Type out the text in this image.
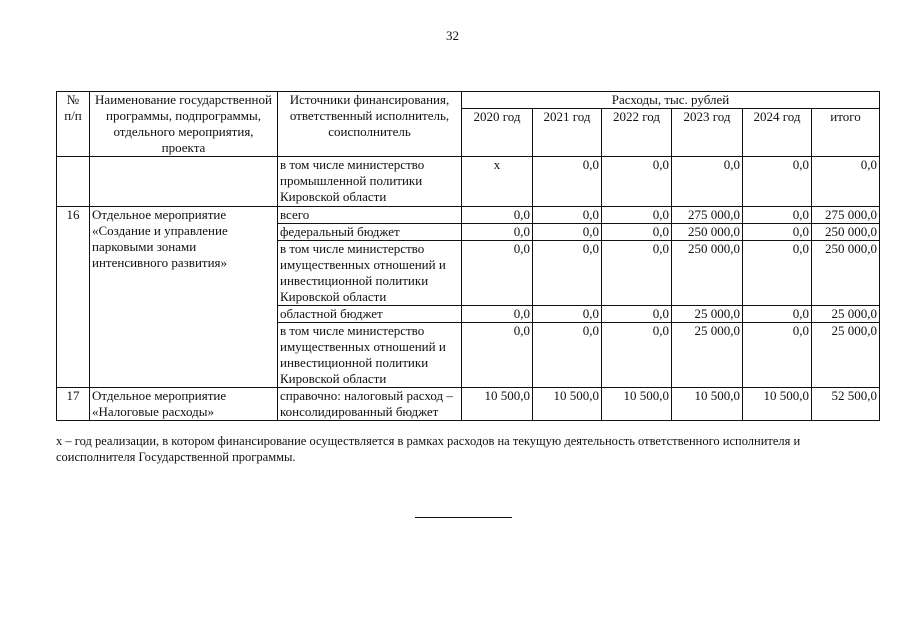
32
№
п/п	Наименование государственной программы, подпрограммы, отдельного мероприятия, проекта	Источники финансирования, ответственный исполнитель, соисполнитель	Расходы, тыс. рублей					
			2020 год	2021 год	2022 год	2023 год	2024 год	итого
		в том числе министерство промышленной политики Кировской области	х	0,0	0,0	0,0	0,0	0,0
16	Отдельное мероприятие «Создание и управление парковыми зонами интенсивного развития»	всего	0,0	0,0	0,0	275 000,0	0,0	275 000,0
		федеральный бюджет	0,0	0,0	0,0	250 000,0	0,0	250 000,0
		в том числе министерство имущественных отношений и инвестиционной политики Кировской области	0,0	0,0	0,0	250 000,0	0,0	250 000,0
		областной бюджет	0,0	0,0	0,0	25 000,0	0,0	25 000,0
		в том числе министерство имущественных отношений и инвестиционной политики Кировской области	0,0	0,0	0,0	25 000,0	0,0	25 000,0
17	Отдельное мероприятие «Налоговые расходы»	справочно: налоговый расход – консолидированный бюджет	10 500,0	10 500,0	10 500,0	10 500,0	10 500,0	52 500,0
х – год реализации, в котором финансирование осуществляется в рамках расходов на текущую деятельность ответственного исполнителя и соисполнителя Государственной программы.
